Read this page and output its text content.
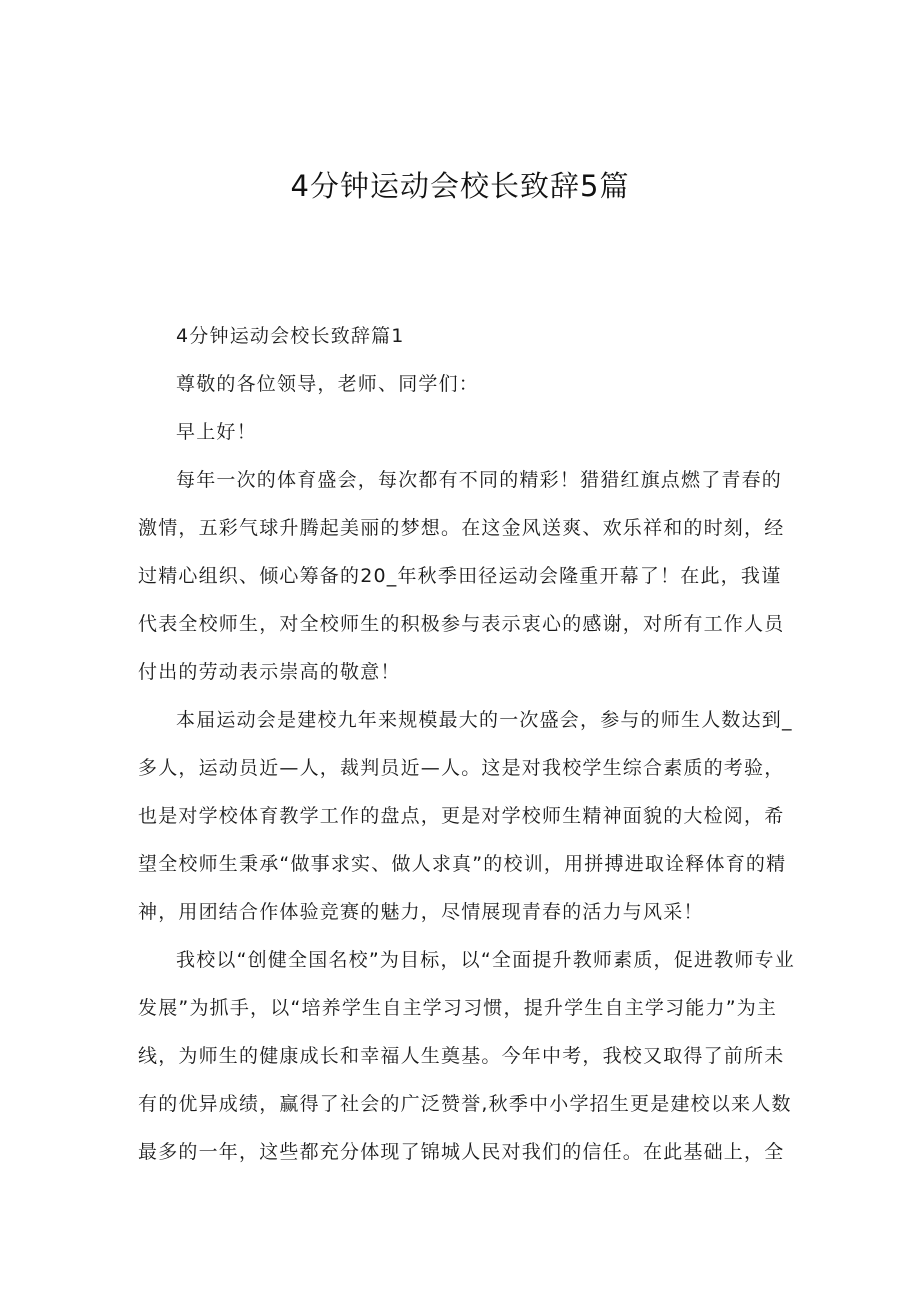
4分钟运动会校长致辞5篇

4分钟运动会校长致辞篇1

尊敬的各位领导，老师、同学们：

早上好！

每年一次的体育盛会，每次都有不同的精彩！猎猎红旗点燃了青春的激情，五彩气球升腾起美丽的梦想。在这金风送爽、欢乐祥和的时刻，经过精心组织、倾心筹备的20_年秋季田径运动会隆重开幕了！在此，我谨代表全校师生，对全校师生的积极参与表示衷心的感谢，对所有工作人员付出的劳动表示崇高的敬意！

本届运动会是建校九年来规模最大的一次盛会，参与的师生人数达到_多人，运动员近—人，裁判员近—人。这是对我校学生综合素质的考验，也是对学校体育教学工作的盘点，更是对学校师生精神面貌的大检阅，希望全校师生秉承“做事求实、做人求真”的校训，用拼搏进取诠释体育的精神，用团结合作体验竞赛的魅力，尽情展现青春的活力与风采！

我校以“创健全国名校”为目标，以“全面提升教师素质，促进教师专业发展”为抓手，以“培养学生自主学习习惯，提升学生自主学习能力”为主线，为师生的健康成长和幸福人生奠基。今年中考，我校又取得了前所未有的优异成绩，赢得了社会的广泛赞誉,秋季中小学招生更是建校以来人数最多的一年，这些都充分体现了锦城人民对我们的信任。在此基础上，全
